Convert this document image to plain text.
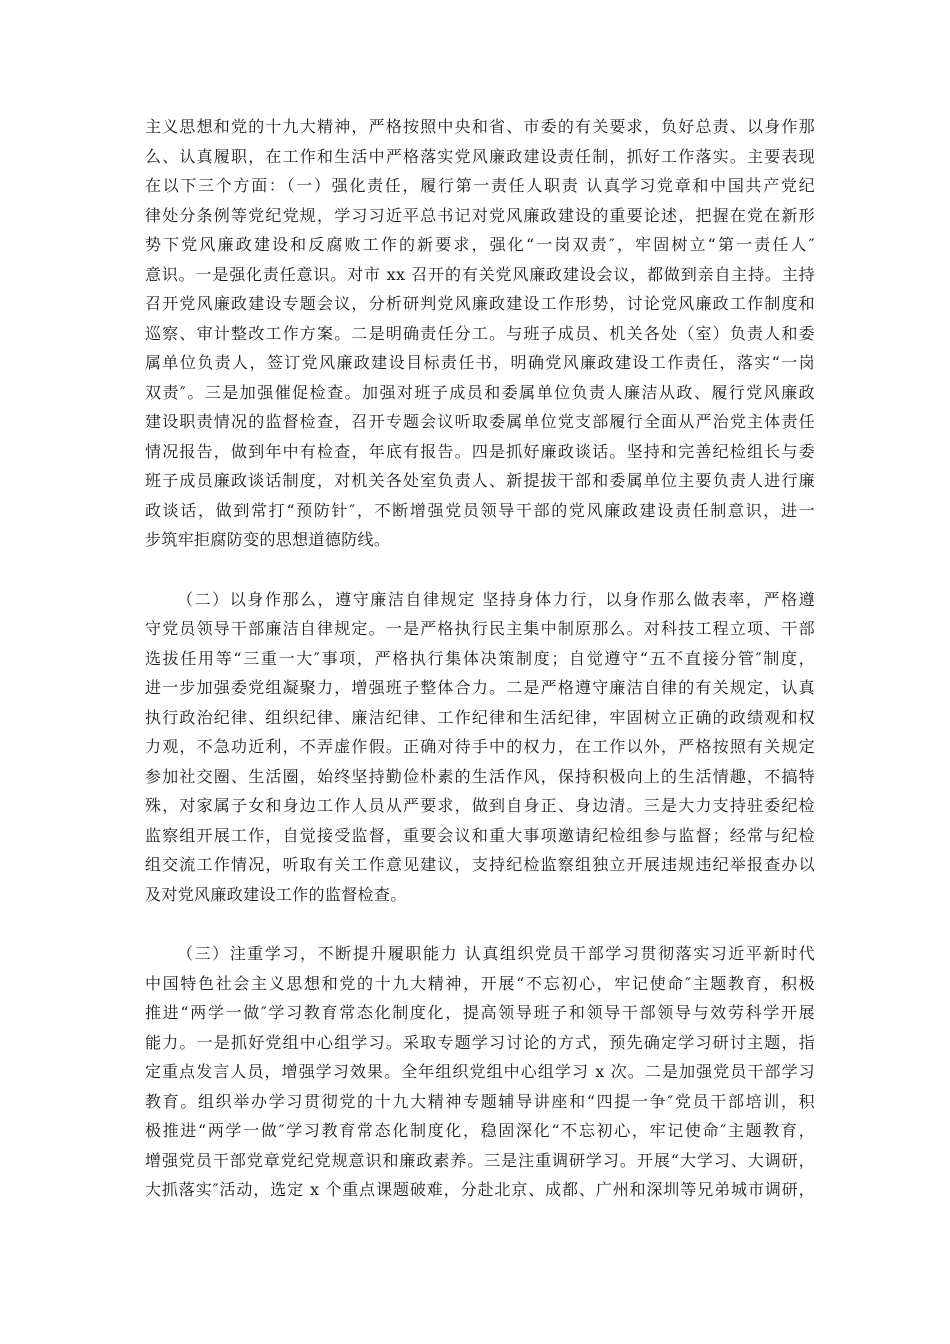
主义思想和党的十九大精神，严格按照中央和省、市委的有关要求，负好总责、以身作那
么、认真履职，在工作和生活中严格落实党风廉政建设责任制，抓好工作落实。主要表现
在以下三个方面：（一）强化责任，履行第一责任人职责 认真学习党章和中国共产党纪
律处分条例等党纪党规，学习习近平总书记对党风廉政建设的重要论述，把握在党在新形
势下党风廉政建设和反腐败工作的新要求，强化“一岗双责″，牢固树立“第一责任人″
意识。一是强化责任意识。对市 xx 召开的有关党风廉政建设会议，都做到亲自主持。主持
召开党风廉政建设专题会议，分析研判党风廉政建设工作形势，讨论党风廉政工作制度和
巡察、审计整改工作方案。二是明确责任分工。与班子成员、机关各处（室）负责人和委
属单位负责人，签订党风廉政建设目标责任书，明确党风廉政建设工作责任，落实“一岗
双责″。三是加强催促检查。加强对班子成员和委属单位负责人廉洁从政、履行党风廉政
建设职责情况的监督检查，召开专题会议听取委属单位党支部履行全面从严治党主体责任
情况报告，做到年中有检查，年底有报告。四是抓好廉政谈话。坚持和完善纪检组长与委
班子成员廉政谈话制度，对机关各处室负责人、新提拔干部和委属单位主要负责人进行廉
政谈话，做到常打“预防针″，不断增强党员领导干部的党风廉政建设责任制意识，进一
步筑牢拒腐防变的思想道德防线。
（二）以身作那么，遵守廉洁自律规定 坚持身体力行，以身作那么做表率，严格遵
守党员领导干部廉洁自律规定。一是严格执行民主集中制原那么。对科技工程立项、干部
选拔任用等“三重一大″事项，严格执行集体决策制度；自觉遵守“五不直接分管″制度，
进一步加强委党组凝聚力，增强班子整体合力。二是严格遵守廉洁自律的有关规定，认真
执行政治纪律、组织纪律、廉洁纪律、工作纪律和生活纪律，牢固树立正确的政绩观和权
力观，不急功近利，不弄虚作假。正确对待手中的权力，在工作以外，严格按照有关规定
参加社交圈、生活圈，始终坚持勤俭朴素的生活作风，保持积极向上的生活情趣，不搞特
殊，对家属子女和身边工作人员从严要求，做到自身正、身边清。三是大力支持驻委纪检
监察组开展工作，自觉接受监督，重要会议和重大事项邀请纪检组参与监督；经常与纪检
组交流工作情况，听取有关工作意见建议，支持纪检监察组独立开展违规违纪举报查办以
及对党风廉政建设工作的监督检查。
（三）注重学习，不断提升履职能力 认真组织党员干部学习贯彻落实习近平新时代
中国特色社会主义思想和党的十九大精神，开展“不忘初心，牢记使命″主题教育，积极
推进“两学一做″学习教育常态化制度化，提高领导班子和领导干部领导与效劳科学开展
能力。一是抓好党组中心组学习。采取专题学习讨论的方式，预先确定学习研讨主题，指
定重点发言人员，增强学习效果。全年组织党组中心组学习 x 次。二是加强党员干部学习
教育。组织举办学习贯彻党的十九大精神专题辅导讲座和“四提一争″党员干部培训，积
极推进“两学一做″学习教育常态化制度化，稳固深化“不忘初心，牢记使命″主题教育，
增强党员干部党章党纪党规意识和廉政素养。三是注重调研学习。开展“大学习、大调研，
大抓落实″活动，选定 x 个重点课题破难，分赴北京、成都、广州和深圳等兄弟城市调研，
